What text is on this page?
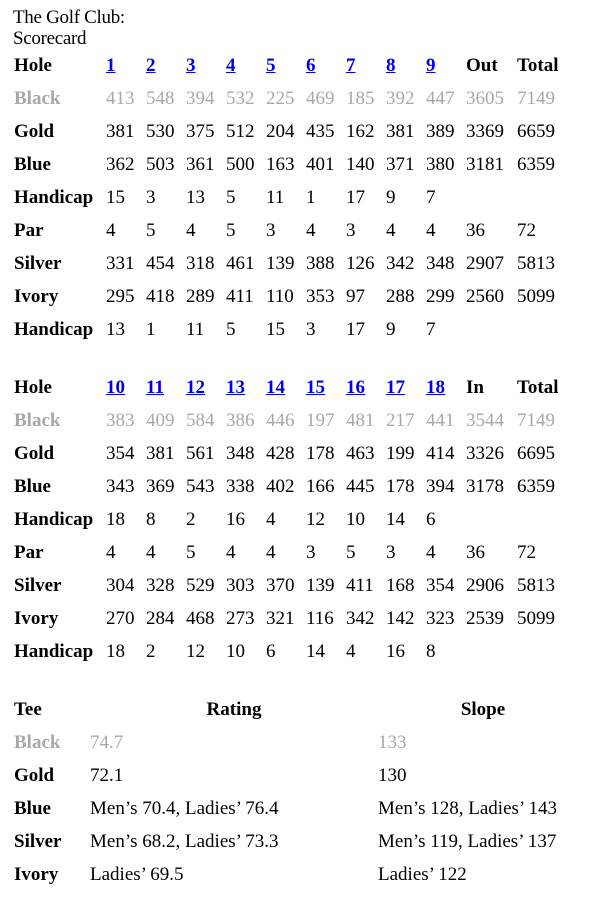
The Golf Club:
Scorecard
Hole	1	2	3	4	5	6	7	8	9	Out	Total
Black	413	548	394	532	225	469	185	392	447	3605	7149
Gold	381	530	375	512	204	435	162	381	389	3369	6659
Blue	362	503	361	500	163	401	140	371	380	3181	6359
Handicap	15	3	13	5	11	1	17	9	7		
Par	4	5	4	5	3	4	3	4	4	36	72
Silver	331	454	318	461	139	388	126	342	348	2907	5813
Ivory	295	418	289	411	110	353	97	288	299	2560	5099
Handicap	13	1	11	5	15	3	17	9	7		
Hole	10	11	12	13	14	15	16	17	18	In	Total
Black	383	409	584	386	446	197	481	217	441	3544	7149
Gold	354	381	561	348	428	178	463	199	414	3326	6695
Blue	343	369	543	338	402	166	445	178	394	3178	6359
Handicap	18	8	2	16	4	12	10	14	6		
Par	4	4	5	4	4	3	5	3	4	36	72
Silver	304	328	529	303	370	139	411	168	354	2906	5813
Ivory	270	284	468	273	321	116	342	142	323	2539	5099
Handicap	18	2	12	10	6	14	4	16	8		
Tee	Rating	Slope
Black	74.7	133
Gold	72.1	130
Blue	Men’s 70.4, Ladies’ 76.4	Men’s 128, Ladies’ 143
Silver	Men’s 68.2, Ladies’ 73.3	Men’s 119, Ladies’ 137
Ivory	Ladies’ 69.5	Ladies’ 122
